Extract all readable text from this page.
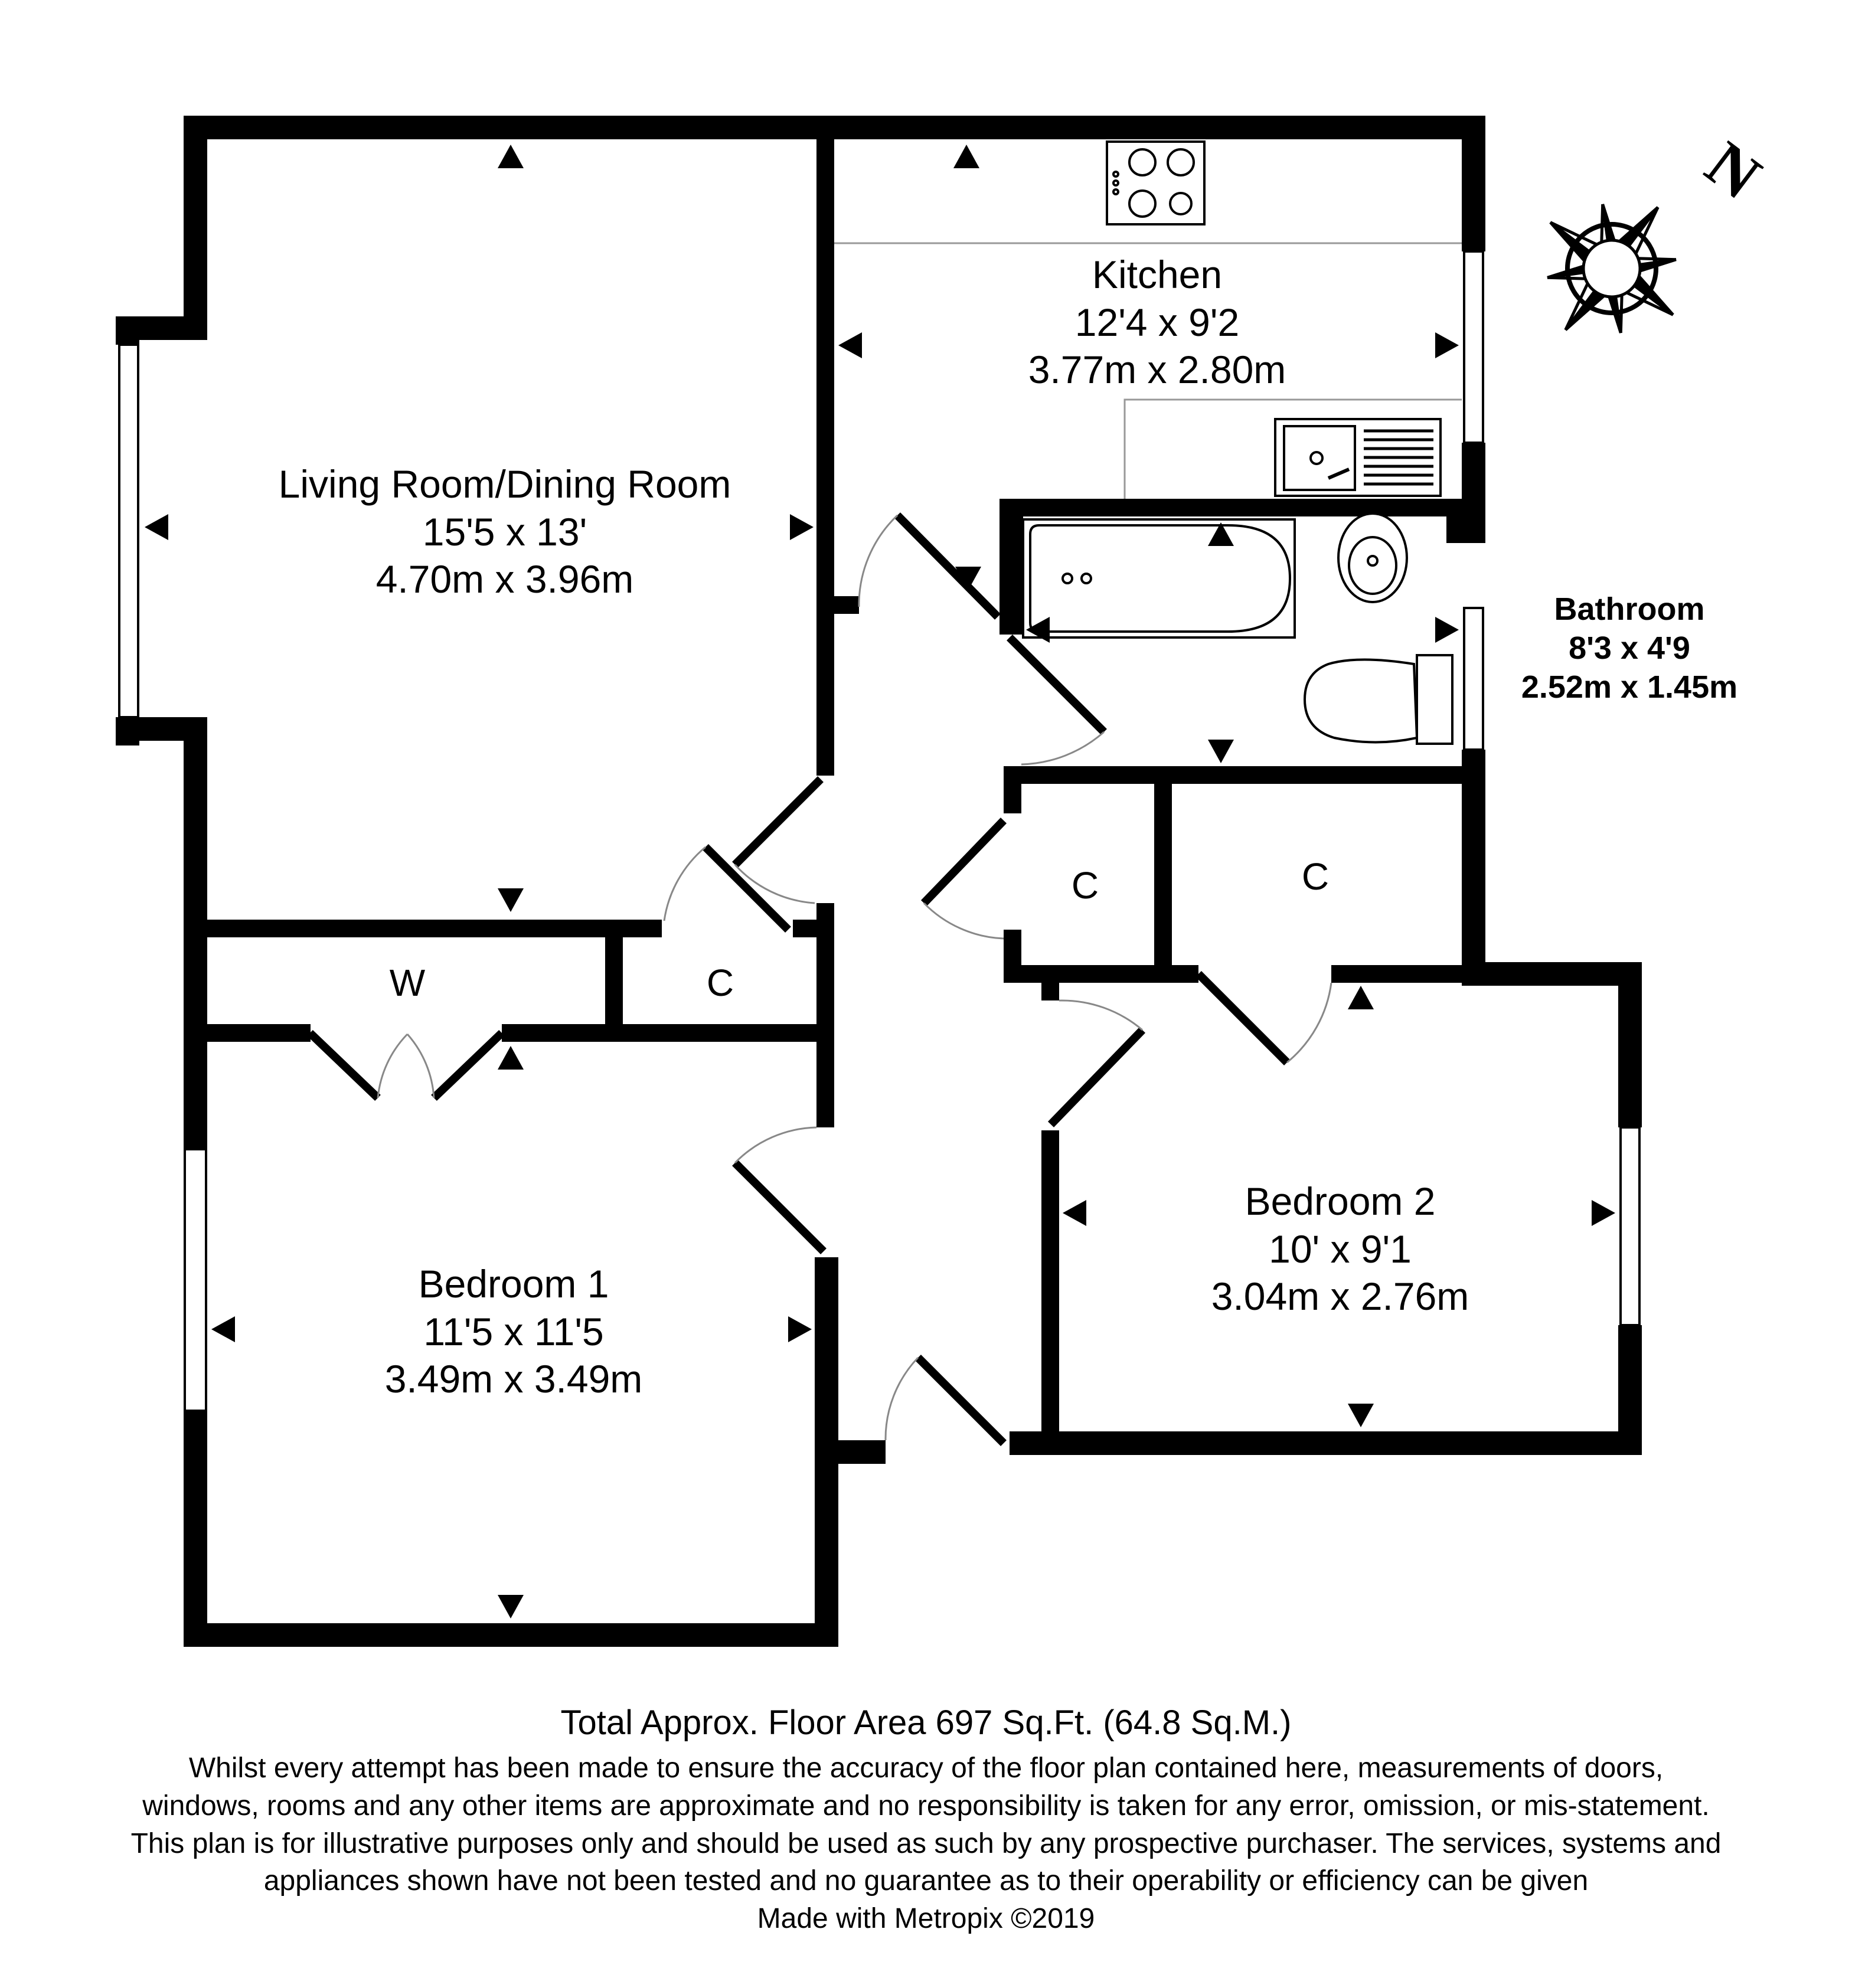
N
Living Room/Dining Room
15'5 x 13'
4.70m x 3.96m
Kitchen
12'4 x 9'2
3.77m x 2.80m
Bathroom
8'3 x 4'9
2.52m x 1.45m
Bedroom 1
11'5 x 11'5
3.49m x 3.49m
Bedroom 2
10' x 9'1
3.04m x 2.76m
W	C
C	C
Total Approx. Floor Area 697 Sq.Ft. (64.8 Sq.M.)
Whilst every attempt has been made to ensure the accuracy of the floor plan contained here, measurements of doors, windows, rooms and any other items are approximate and no responsibility is taken for any error, omission, or mis-statement. This plan is for illustrative purposes only and should be used as such by any prospective purchaser. The services, systems and appliances shown have not been tested and no guarantee as to their operability or efficiency can be given
Made with Metropix ©2019
